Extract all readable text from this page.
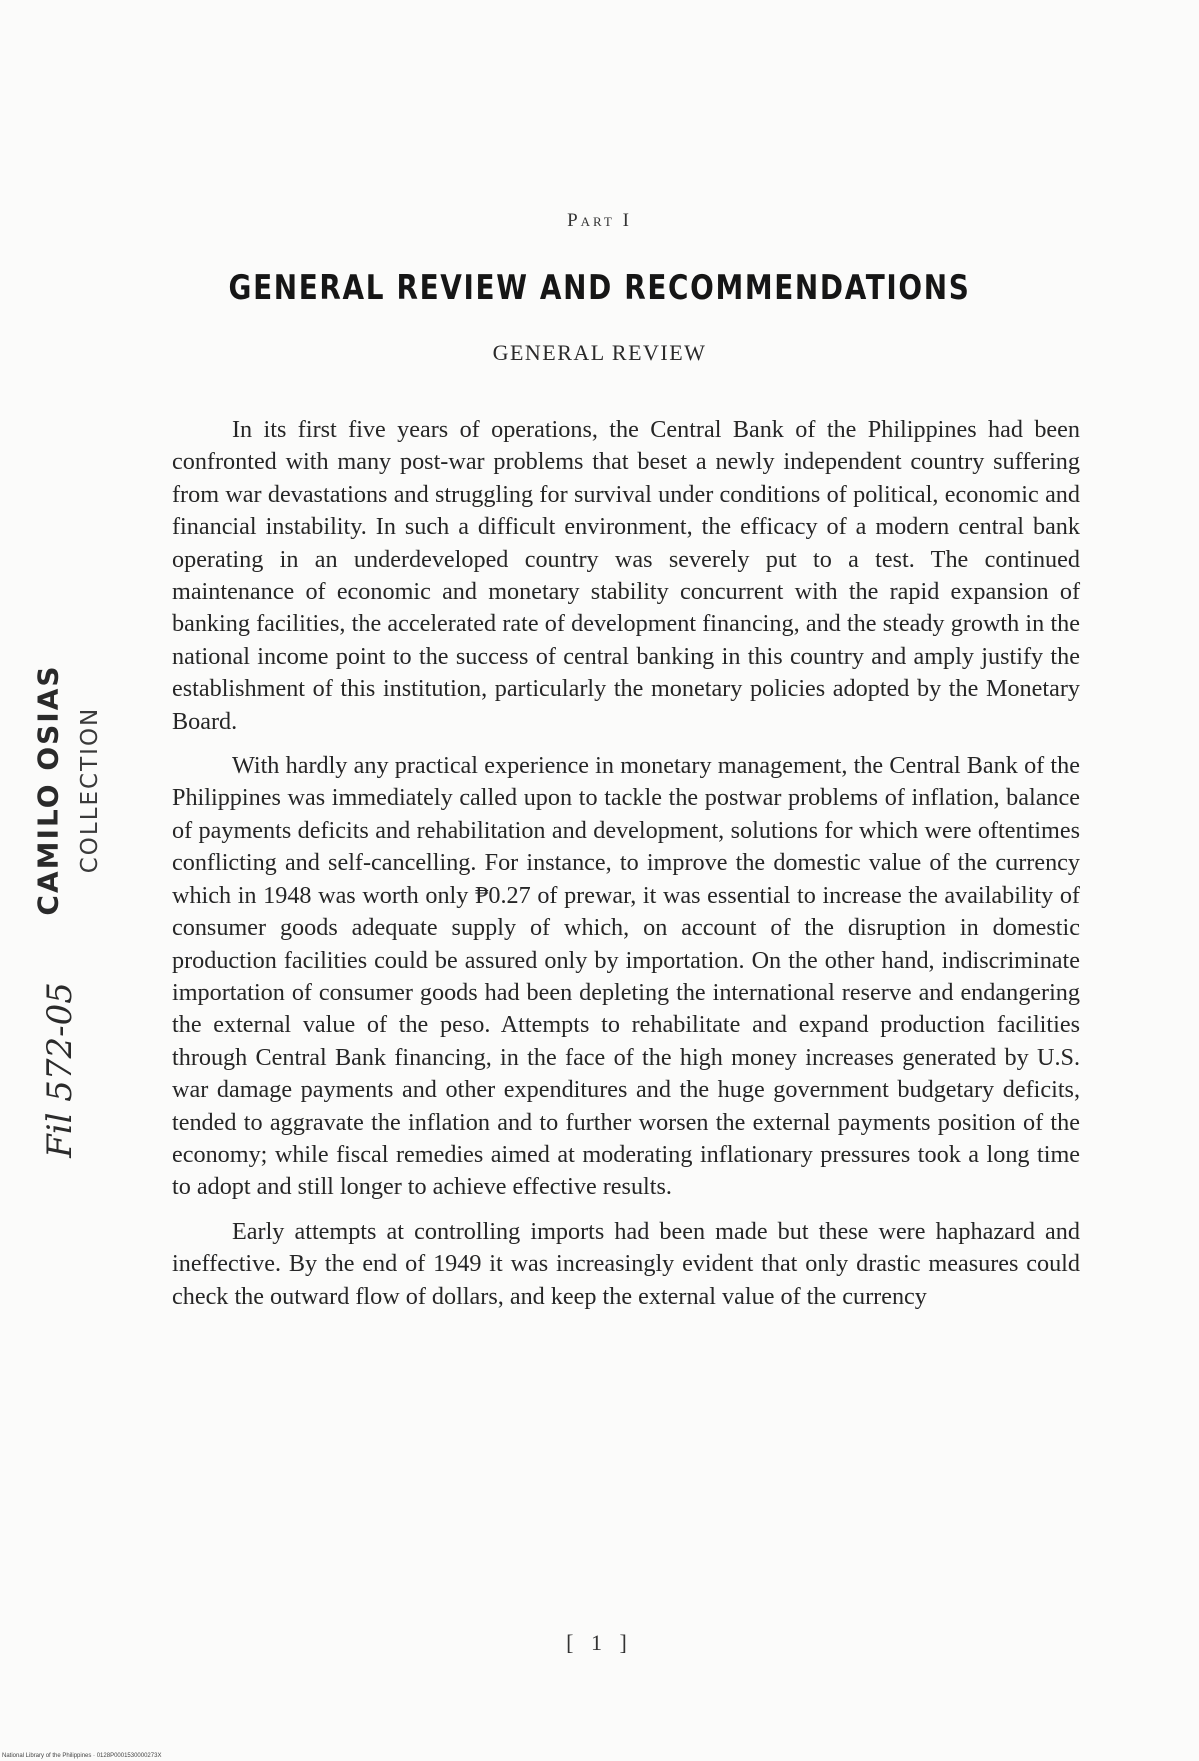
Part I
GENERAL REVIEW AND RECOMMENDATIONS
GENERAL REVIEW

In its first five years of operations, the Central Bank of the Philippines had been confronted with many post-war problems that beset a newly independent country suffering from war devastations and struggling for survival under conditions of political, economic and financial instability. In such a difficult environment, the efficacy of a modern central bank operating in an underdeveloped country was severely put to a test. The continued maintenance of economic and monetary stability concurrent with the rapid expansion of banking facilities, the accelerated rate of development financing, and the steady growth in the national income point to the success of central banking in this country and amply justify the establishment of this institution, particularly the monetary policies adopted by the Monetary Board.

With hardly any practical experience in monetary management, the Central Bank of the Philippines was immediately called upon to tackle the postwar problems of inflation, balance of payments deficits and rehabilitation and development, solutions for which were oftentimes conflicting and self-cancelling. For instance, to improve the domestic value of the currency which in 1948 was worth only ₱0.27 of prewar, it was essential to increase the availability of consumer goods adequate supply of which, on account of the disruption in domestic production facilities could be assured only by importation. On the other hand, indiscriminate importation of consumer goods had been depleting the international reserve and endangering the external value of the peso. Attempts to rehabilitate and expand production facilities through Central Bank financing, in the face of the high money increases generated by U.S. war damage payments and other expenditures and the huge government budgetary deficits, tended to aggravate the inflation and to further worsen the external payments position of the economy; while fiscal remedies aimed at moderating inflationary pressures took a long time to adopt and still longer to achieve effective results.

Early attempts at controlling imports had been made but these were haphazard and ineffective. By the end of 1949 it was increasingly evident that only drastic measures could check the outward flow of dollars, and keep the external value of the currency

CAMILO OSIAS COLLECTION
Fil 572-05
[ 1 ]
National Library of the Philippines · 0128P0001530000273X
